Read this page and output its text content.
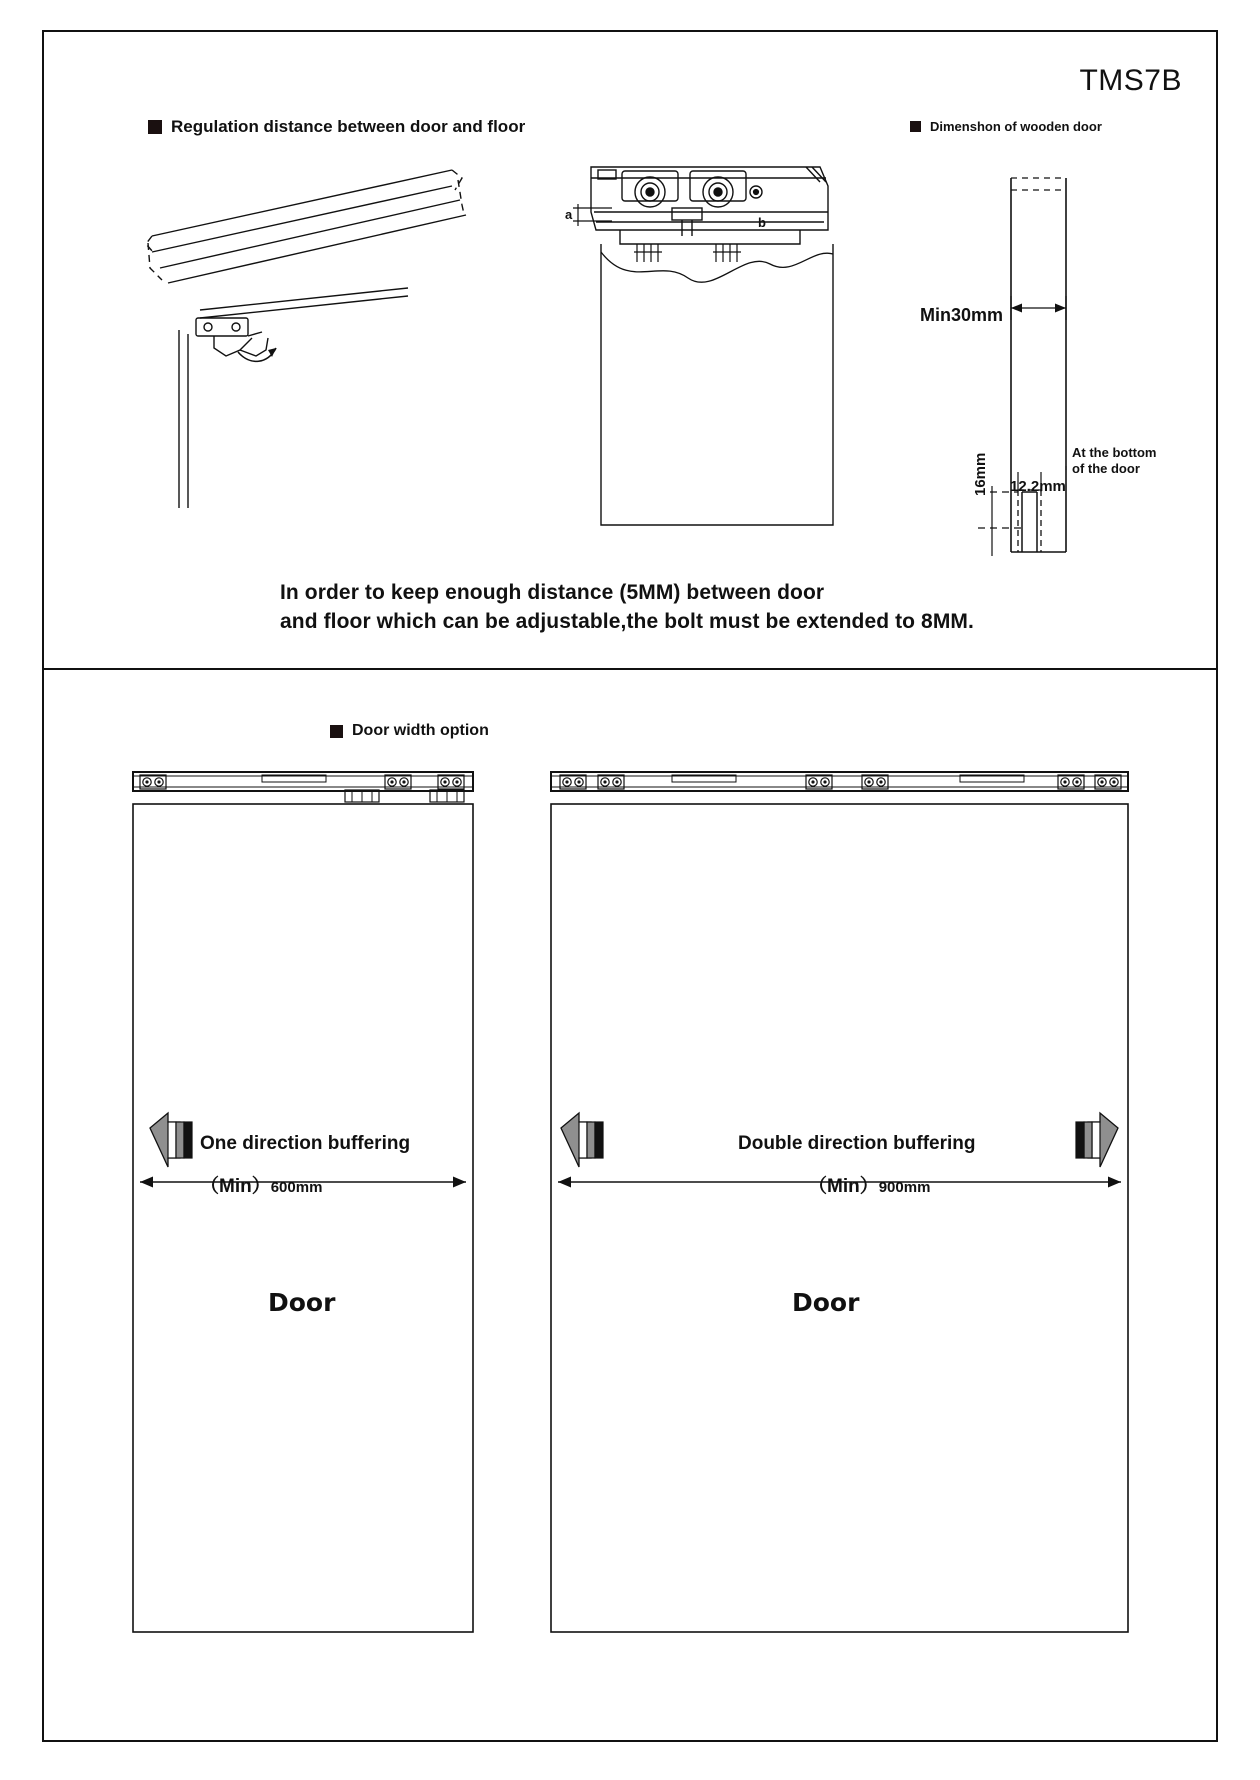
TMS7B
Regulation distance between door and floor	Dimenshon of wooden door
a
b
Min30mm
12.2mm
16mm
At the bottom
of the door
In order to keep enough distance (5MM) between door
and floor which can be adjustable,the bolt must be extended to 8MM.
Door width option
One direction buffering
（Min）600mm
Door
Double direction buffering
（Min）900mm
Door
